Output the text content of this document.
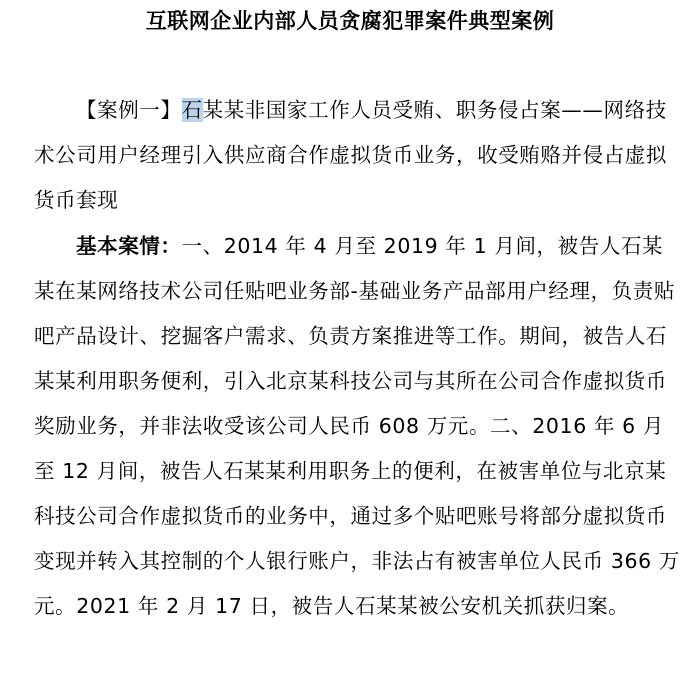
互联网企业内部人员贪腐犯罪案件典型案例
【案例一】石某某非国家工作人员受贿、职务侵占案——网络技术公司用户经理引入供应商合作虚拟货币业务，收受贿赂并侵占虚拟货币套现
基本案情：一、2014 年 4 月至 2019 年 1 月间，被告人石某某在某网络技术公司任贴吧业务部-基础业务产品部用户经理，负责贴吧产品设计、挖掘客户需求、负责方案推进等工作。期间，被告人石某某利用职务便利，引入北京某科技公司与其所在公司合作虚拟货币奖励业务，并非法收受该公司人民币 608 万元。二、2016 年 6 月至 12 月间，被告人石某某利用职务上的便利，在被害单位与北京某科技公司合作虚拟货币的业务中，通过多个贴吧账号将部分虚拟货币变现并转入其控制的个人银行账户，非法占有被害单位人民币 366 万元。2021 年 2 月 17 日，被告人石某某被公安机关抓获归案。
